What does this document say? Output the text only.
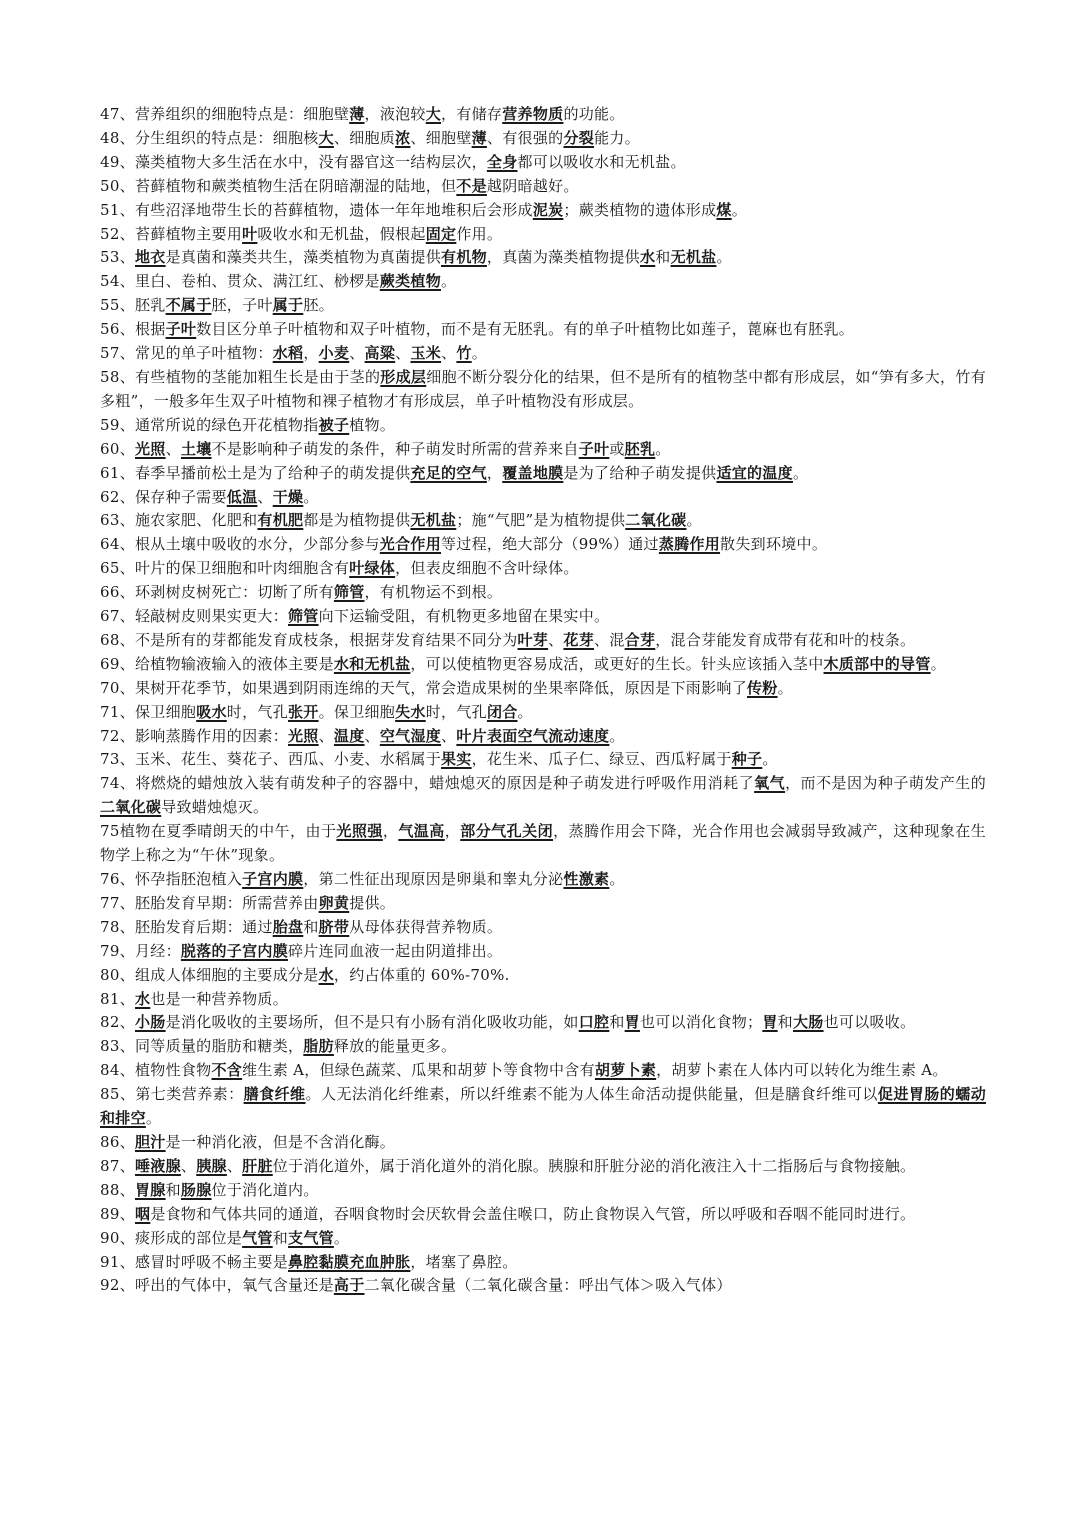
47、营养组织的细胞特点是：细胞壁薄，液泡较大，有储存营养物质的功能。
48、分生组织的特点是：细胞核大、细胞质浓、细胞壁薄、有很强的分裂能力。
49、藻类植物大多生活在水中，没有器官这一结构层次，全身都可以吸收水和无机盐。
50、苔藓植物和蕨类植物生活在阴暗潮湿的陆地，但不是越阴暗越好。
51、有些沼泽地带生长的苔藓植物，遗体一年年地堆积后会形成泥炭；蕨类植物的遗体形成煤。
52、苔藓植物主要用叶吸收水和无机盐，假根起固定作用。
53、地衣是真菌和藻类共生，藻类植物为真菌提供有机物，真菌为藻类植物提供水和无机盐。
54、里白、卷柏、贯众、满江红、桫椤是蕨类植物。
55、胚乳不属于胚，子叶属于胚。
56、根据子叶数目区分单子叶植物和双子叶植物，而不是有无胚乳。有的单子叶植物比如莲子，蓖麻也有胚乳。
57、常见的单子叶植物：水稻，小麦、高粱、玉米、竹。
58、有些植物的茎能加粗生长是由于茎的形成层细胞不断分裂分化的结果，但不是所有的植物茎中都有形成层，如“笋有多大，竹有多粗”，一般多年生双子叶植物和裸子植物才有形成层，单子叶植物没有形成层。
59、通常所说的绿色开花植物指被子植物。
60、光照、土壤不是影响种子萌发的条件，种子萌发时所需的营养来自子叶或胚乳。
61、春季早播前松土是为了给种子的萌发提供充足的空气，覆盖地膜是为了给种子萌发提供适宜的温度。
62、保存种子需要低温、干燥。
63、施农家肥、化肥和有机肥都是为植物提供无机盐；施“气肥”是为植物提供二氧化碳。
64、根从土壤中吸收的水分，少部分参与光合作用等过程，绝大部分（99%）通过蒸腾作用散失到环境中。
65、叶片的保卫细胞和叶肉细胞含有叶绿体，但表皮细胞不含叶绿体。
66、环剥树皮树死亡：切断了所有筛管，有机物运不到根。
67、轻敲树皮则果实更大：筛管向下运输受阻，有机物更多地留在果实中。
68、不是所有的芽都能发育成枝条，根据芽发育结果不同分为叶芽、花芽、混合芽，混合芽能发育成带有花和叶的枝条。
69、给植物输液输入的液体主要是水和无机盐，可以使植物更容易成活，或更好的生长。针头应该插入茎中木质部中的导管。
70、果树开花季节，如果遇到阴雨连绵的天气，常会造成果树的坐果率降低，原因是下雨影响了传粉。
71、保卫细胞吸水时，气孔张开。保卫细胞失水时，气孔闭合。
72、影响蒸腾作用的因素：光照、温度、空气湿度、叶片表面空气流动速度。
73、玉米、花生、葵花子、西瓜、小麦、水稻属于果实，花生米、瓜子仁、绿豆、西瓜籽属于种子。
74、将燃烧的蜡烛放入装有萌发种子的容器中，蜡烛熄灭的原因是种子萌发进行呼吸作用消耗了氧气，而不是因为种子萌发产生的二氧化碳导致蜡烛熄灭。
75植物在夏季晴朗天的中午，由于光照强，气温高，部分气孔关闭，蒸腾作用会下降，光合作用也会减弱导致减产，这种现象在生物学上称之为“午休”现象。
76、怀孕指胚泡植入子宫内膜，第二性征出现原因是卵巢和睾丸分泌性激素。
77、胚胎发育早期：所需营养由卵黄提供。
78、胚胎发育后期：通过胎盘和脐带从母体获得营养物质。
79、月经：脱落的子宫内膜碎片连同血液一起由阴道排出。
80、组成人体细胞的主要成分是水，约占体重的 60%-70%.
81、水也是一种营养物质。
82、小肠是消化吸收的主要场所，但不是只有小肠有消化吸收功能，如口腔和胃也可以消化食物；胃和大肠也可以吸收。
83、同等质量的脂肪和糖类，脂肪释放的能量更多。
84、植物性食物不含维生素 A，但绿色蔬菜、瓜果和胡萝卜等食物中含有胡萝卜素，胡萝卜素在人体内可以转化为维生素 A。
85、第七类营养素：膳食纤维。人无法消化纤维素，所以纤维素不能为人体生命活动提供能量，但是膳食纤维可以促进胃肠的蠕动和排空。
86、胆汁是一种消化液，但是不含消化酶。
87、唾液腺、胰腺、肝脏位于消化道外，属于消化道外的消化腺。胰腺和肝脏分泌的消化液注入十二指肠后与食物接触。
88、胃腺和肠腺位于消化道内。
89、咽是食物和气体共同的通道，吞咽食物时会厌软骨会盖住喉口，防止食物误入气管，所以呼吸和吞咽不能同时进行。
90、痰形成的部位是气管和支气管。
91、感冒时呼吸不畅主要是鼻腔黏膜充血肿胀，堵塞了鼻腔。
92、呼出的气体中，氧气含量还是高于二氧化碳含量（二氧化碳含量：呼出气体＞吸入气体）
